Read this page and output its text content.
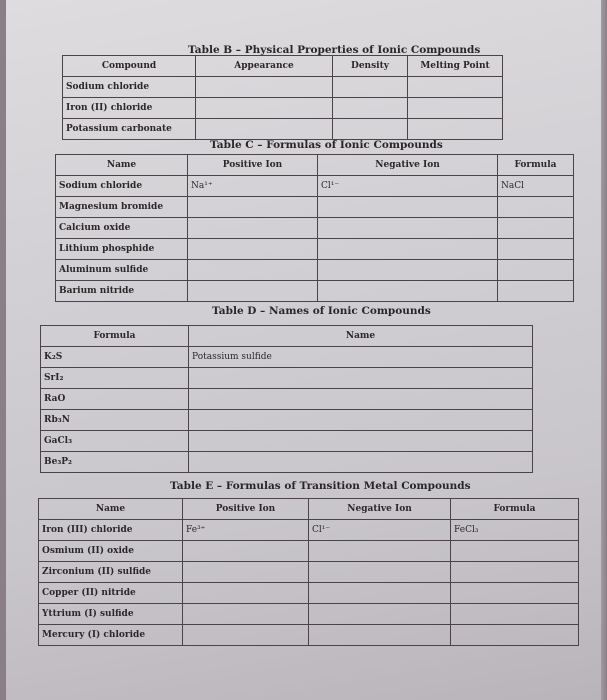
Table B – Physical Properties of Ionic Compounds
Compound	Appearance	Density	Melting Point
Sodium chloride			
Iron (II) chloride			
Potassium carbonate			
Table C – Formulas of Ionic Compounds
Name	Positive Ion	Negative Ion	Formula
Sodium chloride	Na¹⁺	Cl¹⁻	NaCl
Magnesium bromide			
Calcium oxide			
Lithium phosphide			
Aluminum sulfide			
Barium nitride			
Table D – Names of Ionic Compounds
Formula	Name
K₂S	Potassium sulfide
SrI₂	
RaO	
Rb₃N	
GaCl₃	
Be₃P₂	
Table E – Formulas of Transition Metal Compounds
Name	Positive Ion	Negative Ion	Formula
Iron (III) chloride	Fe³⁺	Cl¹⁻	FeCl₃
Osmium (II) oxide			
Zirconium (II) sulfide			
Copper (II) nitride			
Yttrium (I) sulfide			
Mercury (I) chloride			
